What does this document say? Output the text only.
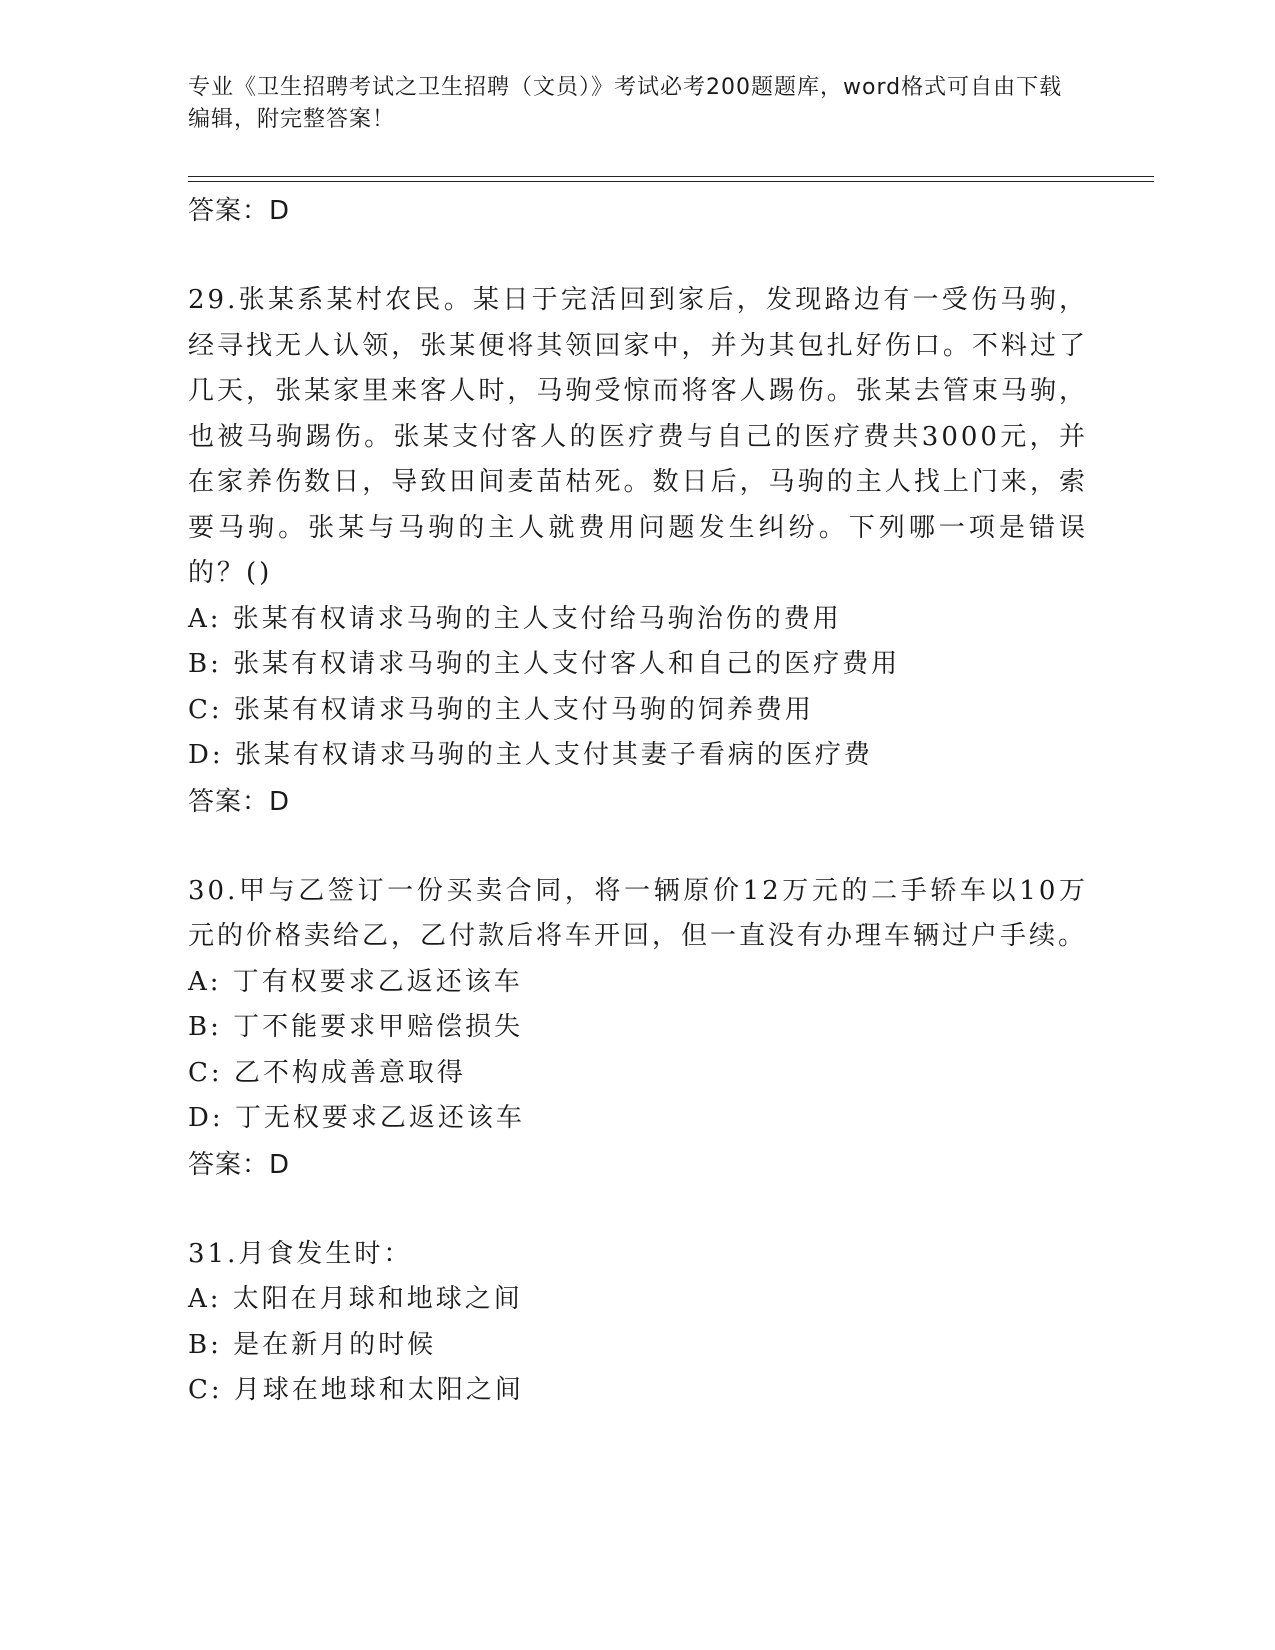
专业《卫生招聘考试之卫生招聘（文员）》考试必考200题题库，word格式可自由下载编辑，附完整答案！
答案：D

29.张某系某村农民。某日于完活回到家后，发现路边有一受伤马驹，经寻找无人认领，张某便将其领回家中，并为其包扎好伤口。不料过了几天，张某家里来客人时，马驹受惊而将客人踢伤。张某去管束马驹，也被马驹踢伤。张某支付客人的医疗费与自己的医疗费共3000元，并在家养伤数日，导致田间麦苗枯死。数日后，马驹的主人找上门来，索要马驹。张某与马驹的主人就费用问题发生纠纷。下列哪一项是错误的？()

A: 张某有权请求马驹的主人支付给马驹治伤的费用
B: 张某有权请求马驹的主人支付客人和自己的医疗费用
C: 张某有权请求马驹的主人支付马驹的饲养费用
D: 张某有权请求马驹的主人支付其妻子看病的医疗费
答案：D

30.甲与乙签订一份买卖合同，将一辆原价12万元的二手轿车以10万元的价格卖给乙，乙付款后将车开回，但一直没有办理车辆过户手续。

A: 丁有权要求乙返还该车
B: 丁不能要求甲赔偿损失
C: 乙不构成善意取得
D: 丁无权要求乙返还该车
答案：D

31.月食发生时：

A: 太阳在月球和地球之间
B: 是在新月的时候
C: 月球在地球和太阳之间
